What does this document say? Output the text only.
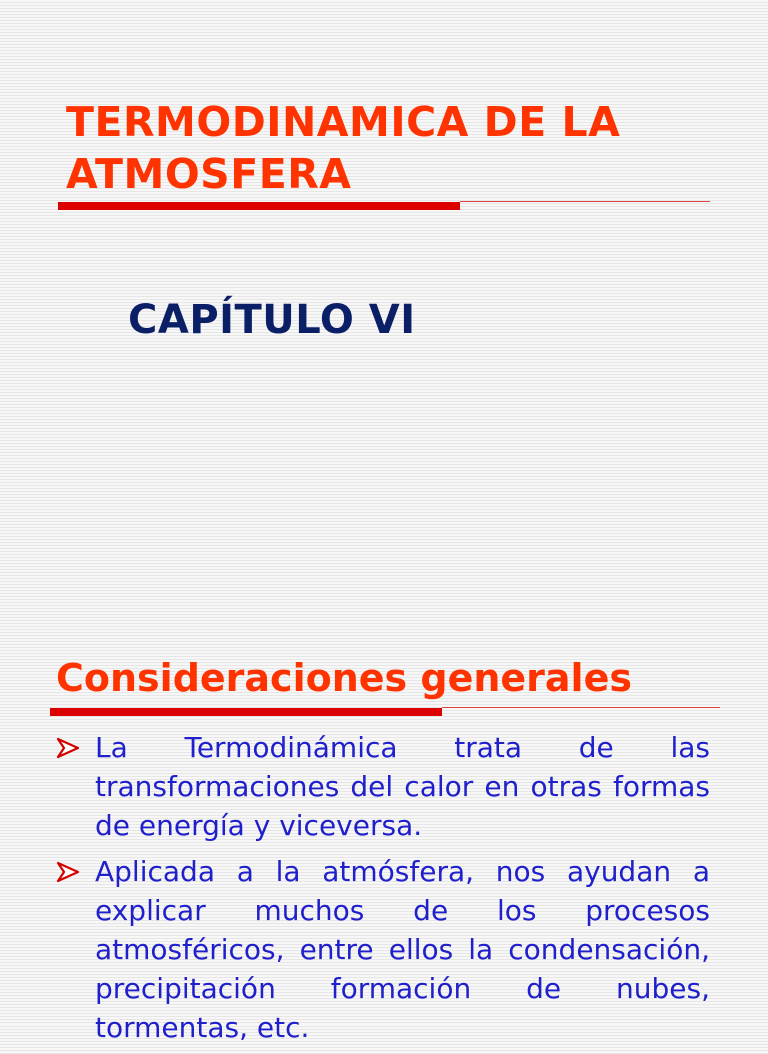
TERMODINAMICA DE LA
ATMOSFERA
CAPÍTULO VI
Consideraciones generales
La Termodinámica trata de las transformaciones del calor en otras formas de energía y viceversa.
Aplicada a la atmósfera, nos ayudan a explicar muchos de los procesos atmosféricos, entre ellos la condensación, precipitación formación de nubes, tormentas, etc.
